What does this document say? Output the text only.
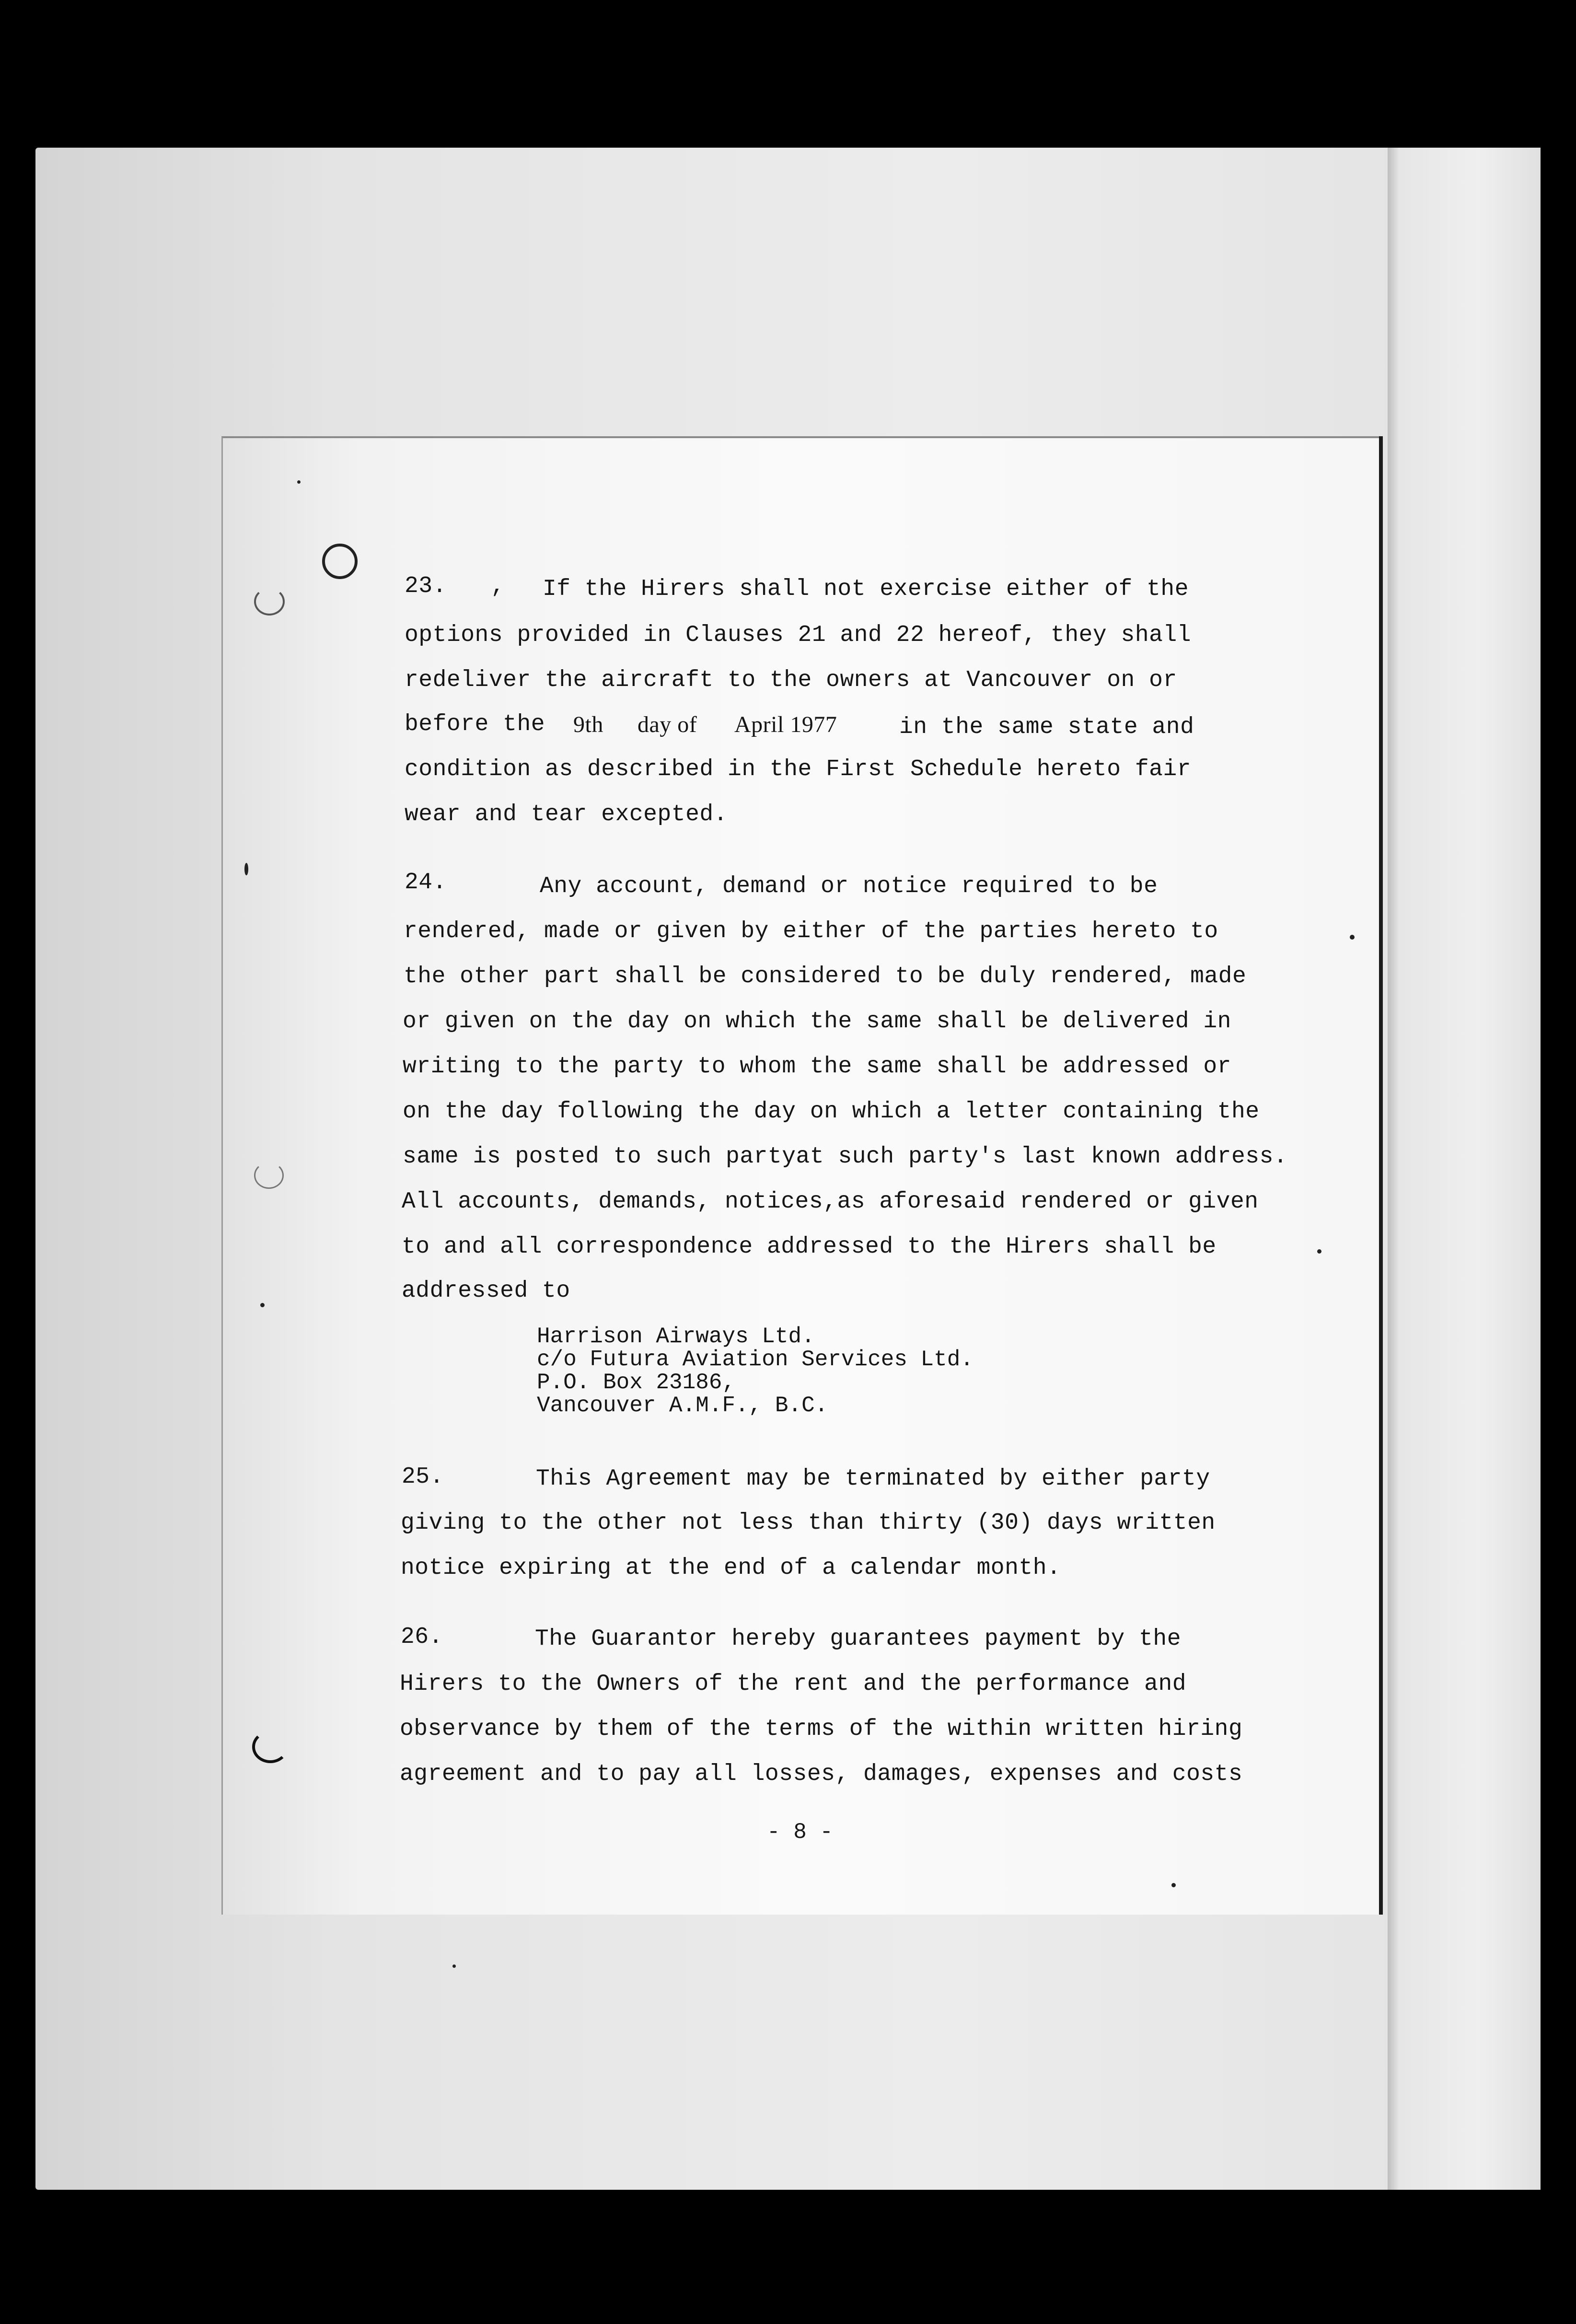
23. , If the Hirers shall not exercise either of the
options provided in Clauses 21 and 22 hereof, they shall
redeliver the aircraft to the owners at Vancouver on or
before the 9th day of April 1977	in the same state and
condition as described in the First Schedule hereto fair
wear and tear excepted.
24.	Any account, demand or notice required to be
rendered, made or given by either of the parties hereto to
the other part shall be considered to be duly rendered, made
or given on the day on which the same shall be delivered in
writing to the party to whom the same shall be addressed or
on the day following the day on which a letter containing the
same is posted to such partyat such party's last known address.
All accounts, demands, notices,as aforesaid rendered or given
to and all correspondence addressed to the Hirers shall be
addressed to
Harrison Airways Ltd.
c/o Futura Aviation Services Ltd.
P.O. Box 23186,
Vancouver A.M.F., B.C.
25.	This Agreement may be terminated by either party
giving to the other not less than thirty (30) days written
notice expiring at the end of a calendar month.
26.	The Guarantor hereby guarantees payment by the
Hirers to the Owners of the rent and the performance and
observance by them of the terms of the within written hiring
agreement and to pay all losses, damages, expenses and costs
- 8 -
